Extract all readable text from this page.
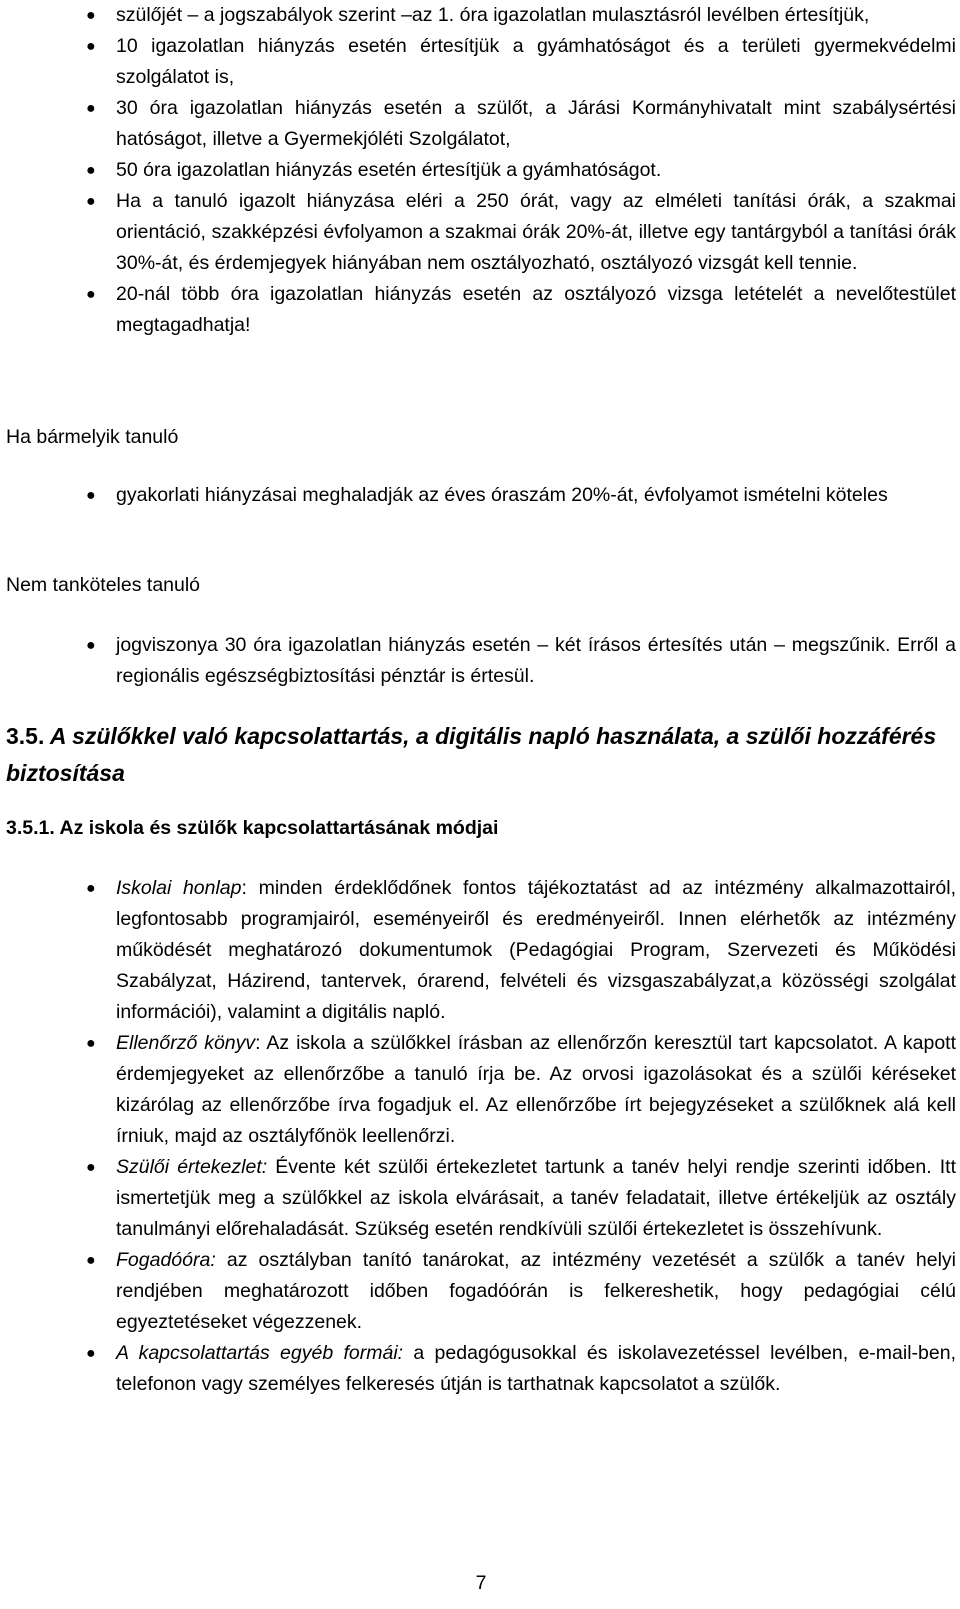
● szülőjét – a jogszabályok szerint –az 1. óra igazolatlan mulasztásról levélben értesítjük,
● 10 igazolatlan hiányzás esetén értesítjük a gyámhatóságot és a területi gyermekvédelmi szolgálatot is,
● 30 óra igazolatlan hiányzás esetén a szülőt, a Járási Kormányhivatalt mint szabálysértési hatóságot, illetve a Gyermekjóléti Szolgálatot,
● 50 óra igazolatlan hiányzás esetén értesítjük a gyámhatóságot.
● Ha a tanuló igazolt hiányzása eléri a 250 órát, vagy az elméleti tanítási órák, a szakmai orientáció, szakképzési évfolyamon a szakmai órák 20%-át, illetve egy tantárgyból a tanítási órák 30%-át, és érdemjegyek hiányában nem osztályozható, osztályozó vizsgát kell tennie.
● 20-nál több óra igazolatlan hiányzás esetén az osztályozó vizsga letételét a nevelőtestület megtagadhatja!
Ha bármelyik tanuló
● gyakorlati hiányzásai meghaladják az éves óraszám 20%-át, évfolyamot ismételni köteles
Nem tanköteles tanuló
● jogviszonya 30 óra igazolatlan hiányzás esetén – két írásos értesítés után – megszűnik. Erről a regionális egészségbiztosítási pénztár is értesül.
3.5. A szülőkkel való kapcsolattartás, a digitális napló használata, a szülői hozzáférés biztosítása
3.5.1. Az iskola és szülők kapcsolattartásának módjai
● Iskolai honlap: minden érdeklődőnek fontos tájékoztatást ad az intézmény alkalmazottairól, legfontosabb programjairól, eseményeiről és eredményeiről. Innen elérhetők az intézmény működését meghatározó dokumentumok (Pedagógiai Program, Szervezeti és Működési Szabályzat, Házirend, tantervek, órarend, felvételi és vizsgaszabályzat,a közösségi szolgálat információi), valamint a digitális napló.
● Ellenőrző könyv: Az iskola a szülőkkel írásban az ellenőrzőn keresztül tart kapcsolatot. A kapott érdemjegyeket az ellenőrzőbe a tanuló írja be. Az orvosi igazolásokat és a szülői kéréseket kizárólag az ellenőrzőbe írva fogadjuk el. Az ellenőrzőbe írt bejegyzéseket a szülőknek alá kell írniuk, majd az osztályfőnök leellenőrzi.
● Szülői értekezlet: Évente két szülői értekezletet tartunk a tanév helyi rendje szerinti időben. Itt ismertetjük meg a szülőkkel az iskola elvárásait, a tanév feladatait, illetve értékeljük az osztály tanulmányi előrehaladását. Szükség esetén rendkívüli szülői értekezletet is összehívunk.
● Fogadóóra: az osztályban tanító tanárokat, az intézmény vezetését a szülők a tanév helyi rendjében meghatározott időben fogadóórán is felkereshetik, hogy pedagógiai célú egyeztetéseket végezzenek.
● A kapcsolattartás egyéb formái: a pedagógusokkal és iskolavezetéssel levélben, e-mail-ben, telefonon vagy személyes felkeresés útján is tarthatnak kapcsolatot a szülők.
7
